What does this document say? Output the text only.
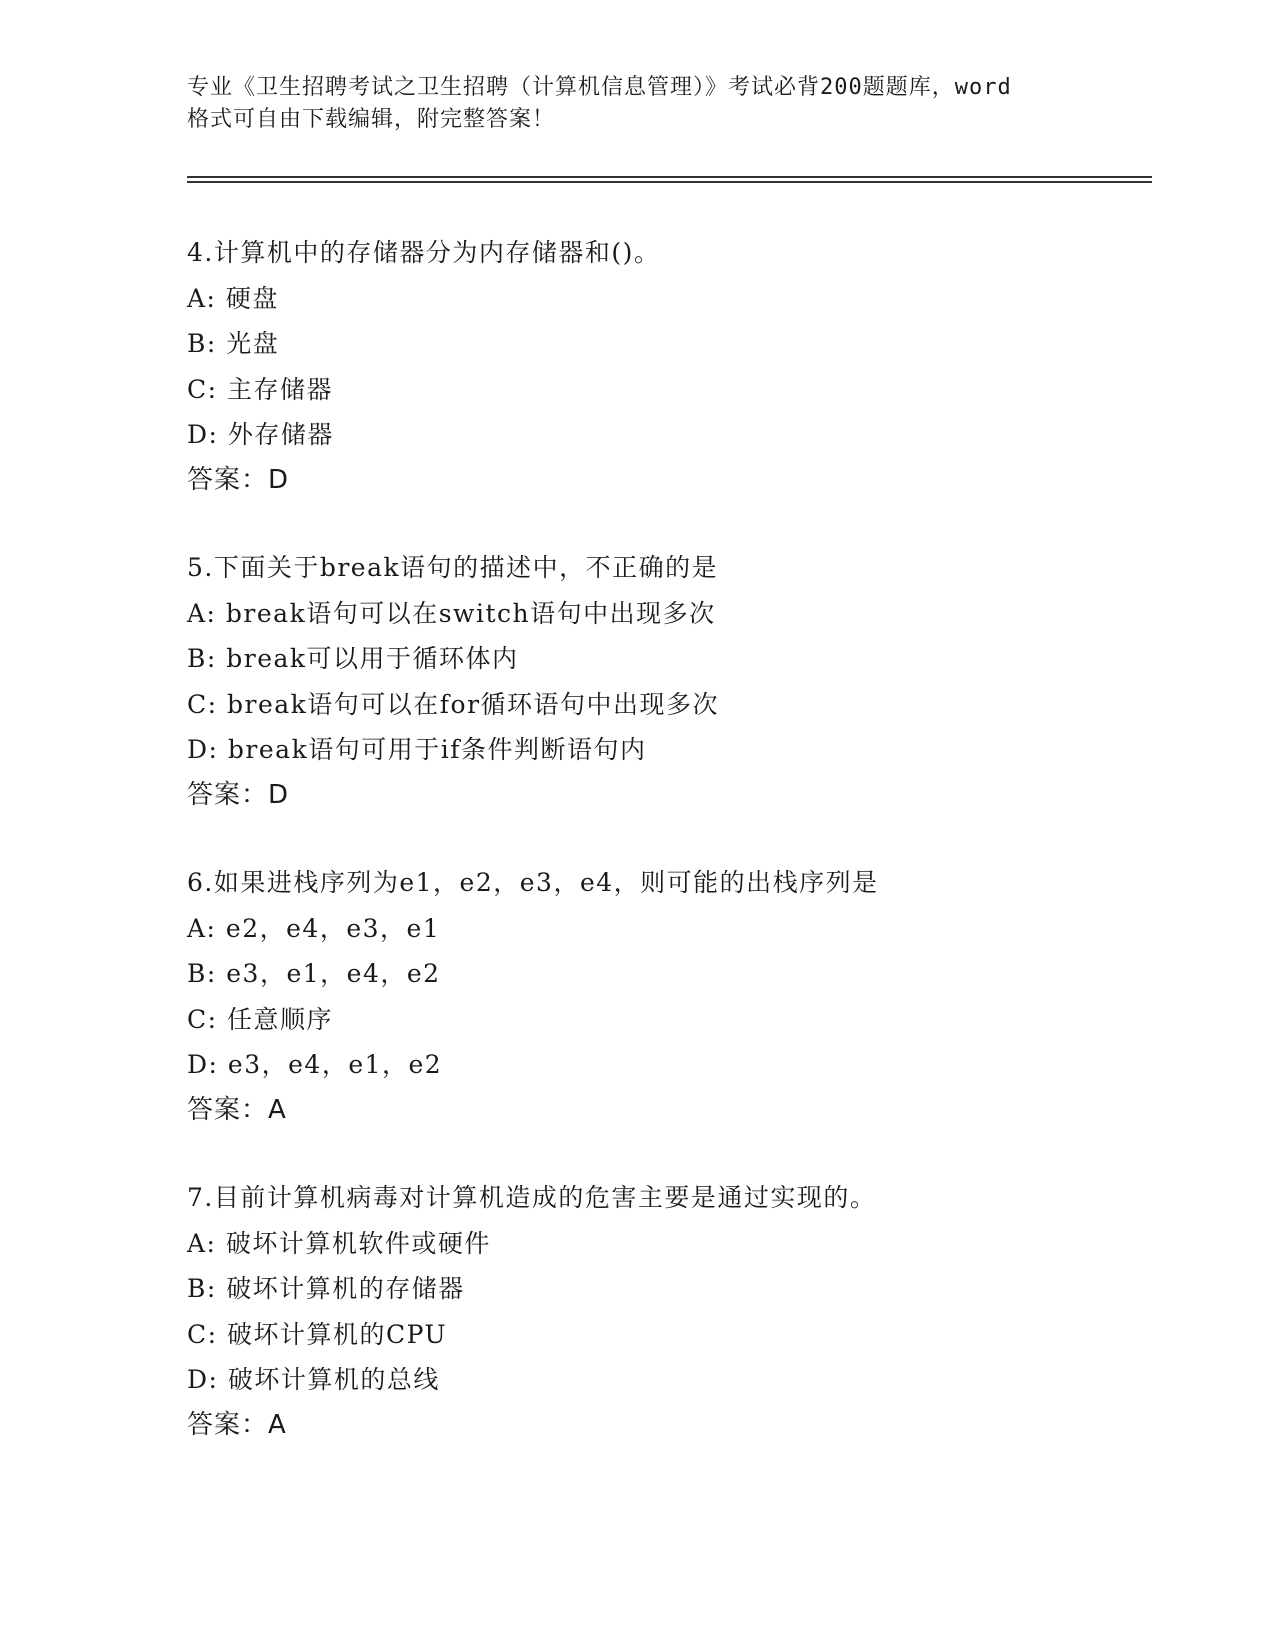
专业《卫生招聘考试之卫生招聘（计算机信息管理）》考试必背200题题库，word
格式可自由下载编辑，附完整答案！
4.计算机中的存储器分为内存储器和()。
A: 硬盘
B: 光盘
C: 主存储器
D: 外存储器
答案：D
5.下面关于break语句的描述中，不正确的是
A: break语句可以在switch语句中出现多次
B: break可以用于循环体内
C: break语句可以在for循环语句中出现多次
D: break语句可用于if条件判断语句内
答案：D
6.如果进栈序列为e1，e2，e3，e4，则可能的出栈序列是
A: e2，e4，e3，e1
B: e3，e1，e4，e2
C: 任意顺序
D: e3，e4，e1，e2
答案：A
7.目前计算机病毒对计算机造成的危害主要是通过实现的。
A: 破坏计算机软件或硬件
B: 破坏计算机的存储器
C: 破坏计算机的CPU
D: 破坏计算机的总线
答案：A
